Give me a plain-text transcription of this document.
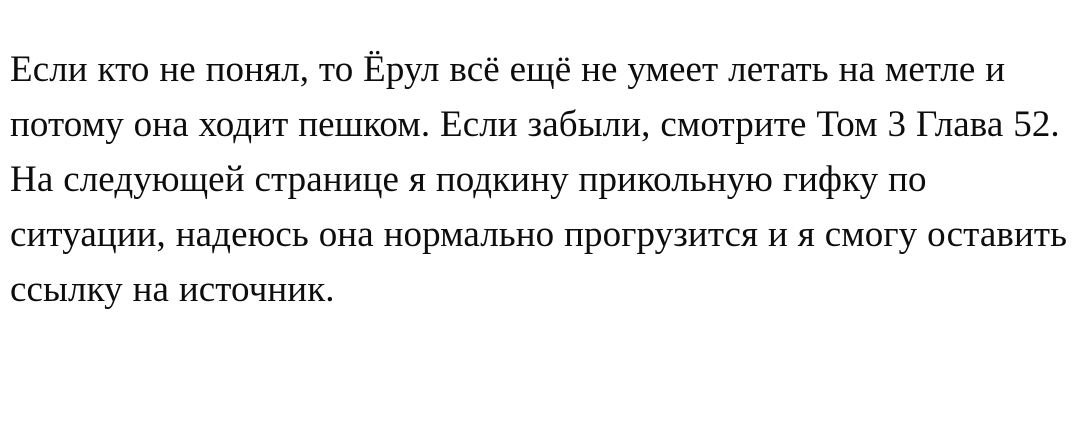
Если кто не понял, то Ёрул всё ещё не умеет летать на метле и потому она ходит пешком. Если забыли, смотрите Том 3 Глава 52. На следующей странице я подкину прикольную гифку по ситуации, надеюсь она нормально прогрузится и я смогу оставить ссылку на источник.
